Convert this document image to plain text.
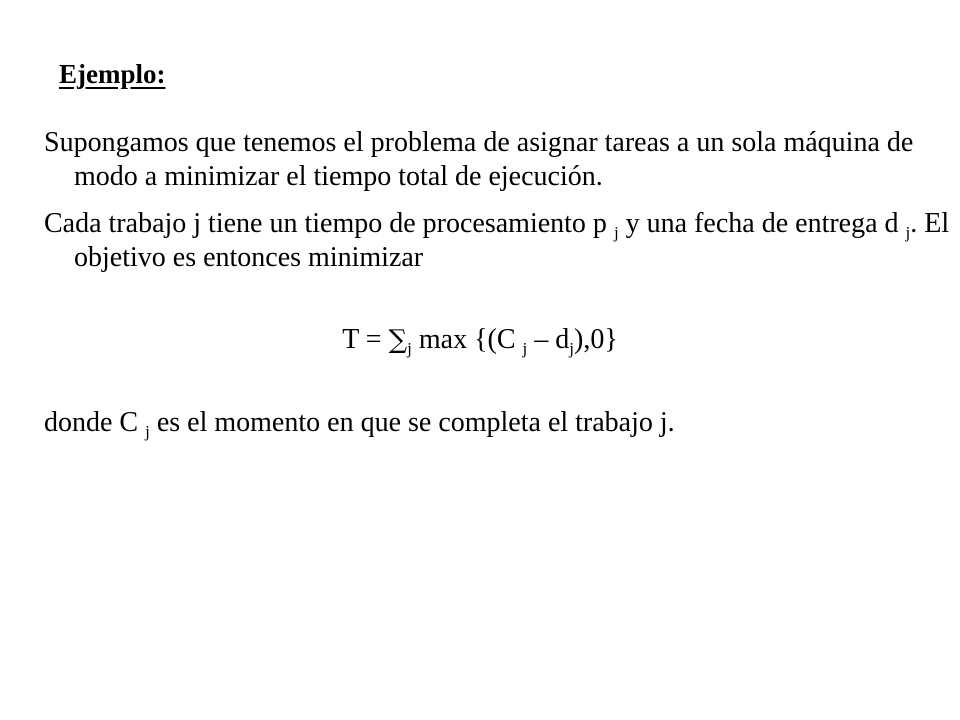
Ejemplo:
Supongamos que tenemos el problema de asignar tareas a un sola máquina de modo a minimizar el tiempo total de ejecución.
Cada trabajo j tiene un tiempo de procesamiento p $_j$ y una fecha de entrega d $_j$. El objetivo es entonces minimizar
$T = \sum_j$ max {(C $_j - d_j),0$}
donde C $_j$ es el momento en que se completa el trabajo j.
